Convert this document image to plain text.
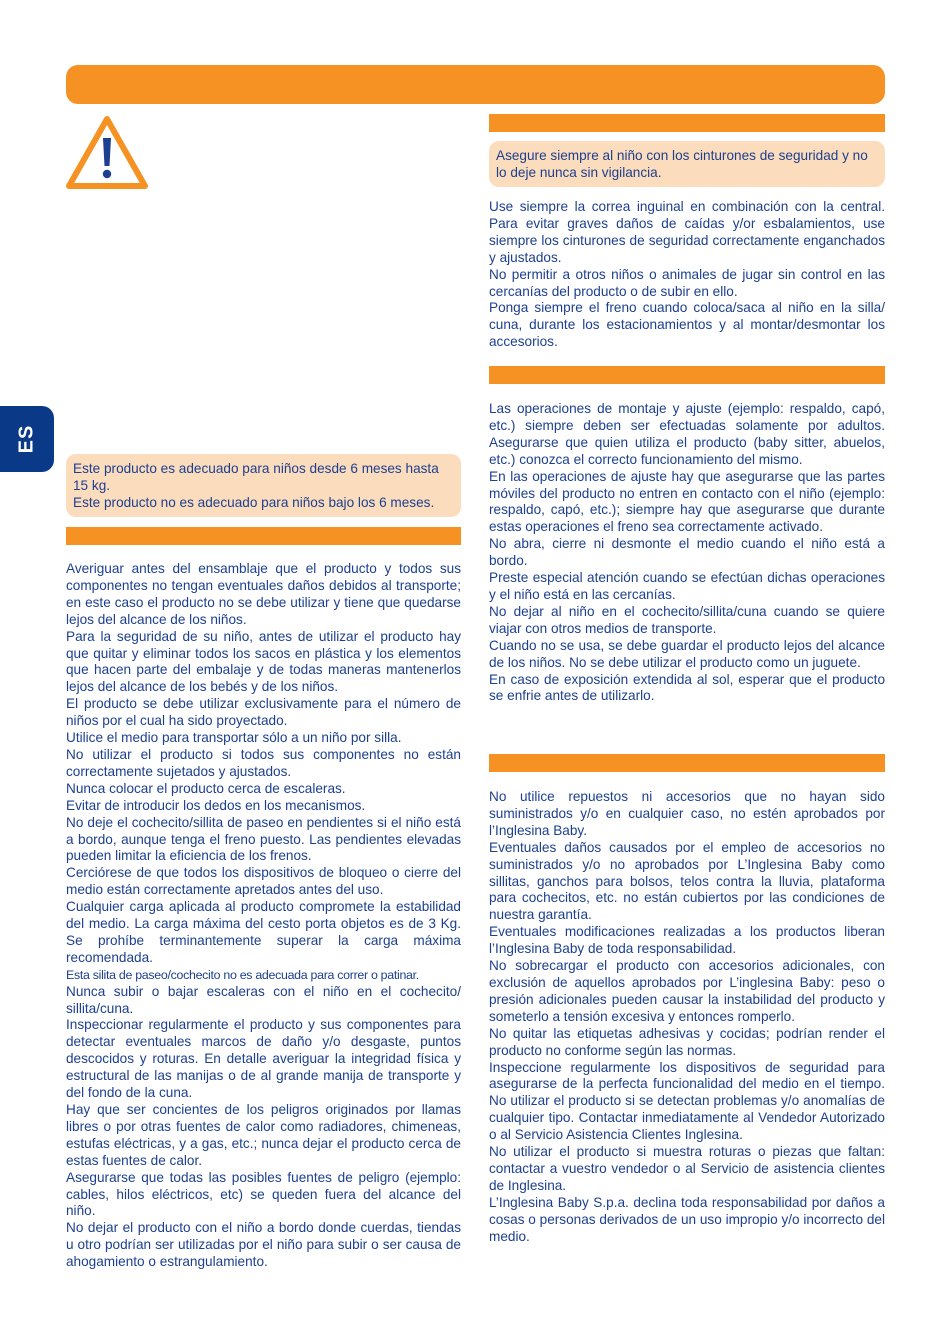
ES

Este producto es adecuado para niños desde 6 meses hasta 15 kg.

Este producto no es adecuado para niños bajo los 6 meses.

Averiguar antes del ensamblaje que el producto y todos sus componentes no tengan eventuales daños debidos al transporte; en este caso el producto no se debe utilizar y tiene que quedarse lejos del alcance de los niños.

Para la seguridad de su niño, antes de utilizar el producto hay que quitar y eliminar todos los sacos en plástica y los elementos que hacen parte del embalaje y de todas maneras mantenerlos lejos del alcance de los bebés y de los niños.

El producto se debe utilizar exclusivamente para el número de niños por el cual ha sido proyectado.

Utilice el medio para transportar sólo a un niño por silla.

No utilizar el producto si todos sus componentes no están correctamente sujetados y ajustados.

Nunca colocar el producto cerca de escaleras.

Evitar de introducir los dedos en los mecanismos.

No deje el cochecito/sillita de paseo en pendientes si el niño está a bordo, aunque tenga el freno puesto. Las pendientes elevadas pueden limitar la eficiencia de los frenos.

Cerciórese de que todos los dispositivos de bloqueo o cierre del medio están correctamente apretados antes del uso.

Cualquier carga aplicada al producto compromete la estabilidad del medio. La carga máxima del cesto porta objetos es de 3 Kg. Se prohíbe terminantemente superar la carga máxima recomendada.

Esta silita de paseo/cochecito no es adecuada para correr o patinar.

Nunca subir o bajar escaleras con el niño en el cochecito/ sillita/cuna.

Inspeccionar regularmente el producto y sus componentes para detectar eventuales marcos de daño y/o desgaste, puntos descocidos y roturas. En detalle averiguar la integridad física y estructural de las manijas o de al grande manija de transporte y del fondo de la cuna.

Hay que ser concientes de los peligros originados por llamas libres o por otras fuentes de calor como radiadores, chimeneas, estufas eléctricas, y a gas, etc.; nunca dejar el producto cerca de estas fuentes de calor.

Asegurarse que todas las posibles fuentes de peligro (ejemplo: cables, hilos eléctricos, etc) se queden fuera del alcance del niño.

No dejar el producto con el niño a bordo donde cuerdas, tiendas u otro podrían ser utilizadas por el niño para subir o ser causa de ahogamiento o estrangulamiento.

Asegure siempre al niño con los cinturones de seguridad y no lo deje nunca sin vigilancia.

Use siempre la correa inguinal en combinación con la central. Para evitar graves daños de caídas y/or esbalamientos, use siempre los cinturones de seguridad correctamente enganchados y ajustados.

No permitir a otros niños o animales de jugar sin control en las cercanías del producto o de subir en ello.

Ponga siempre el freno cuando coloca/saca al niño en la silla/ cuna, durante los estacionamientos y al montar/desmontar los accesorios.

Las operaciones de montaje y ajuste (ejemplo: respaldo, capó, etc.) siempre deben ser efectuadas solamente por adultos. Asegurarse que quien utiliza el producto (baby sitter, abuelos, etc.) conozca el correcto funcionamiento del mismo.

En las operaciones de ajuste hay que asegurarse que las partes móviles del producto no entren en contacto con el niño (ejemplo: respaldo, capó, etc.); siempre hay que asegurarse que durante estas operaciones el freno sea correctamente activado.

No abra, cierre ni desmonte el medio cuando el niño está a bordo.

Preste especial atención cuando se efectúan dichas operaciones y el niño está en las cercanías.

No dejar al niño en el cochecito/sillita/cuna cuando se quiere viajar con otros medios de transporte.

Cuando no se usa, se debe guardar el producto lejos del alcance de los niños. No se debe utilizar el producto como un juguete.

En caso de exposición extendida al sol, esperar que el producto se enfrie antes de utilizarlo.

No utilice repuestos ni accesorios que no hayan sido suministrados y/o en cualquier caso, no estén aprobados por l’Inglesina Baby.

Eventuales daños causados por el empleo de accesorios no suministrados y/o no aprobados por L’Inglesina Baby como sillitas, ganchos para bolsos, telos contra la lluvia, plataforma para cochecitos, etc. no están cubiertos por las condiciones de nuestra garantía.

Eventuales modificaciones realizadas a los productos liberan l’Inglesina Baby de toda responsabilidad.

No sobrecargar el producto con accesorios adicionales, con exclusión de aquellos aprobados por L’inglesina Baby: peso o presión adicionales pueden causar la instabilidad del producto y someterlo a tensión excesiva y entonces romperlo.

No quitar las etiquetas adhesivas y cocidas; podrían render el producto no conforme según las normas.

Inspeccione regularmente los dispositivos de seguridad para asegurarse de la perfecta funcionalidad del medio en el tiempo. No utilizar el producto si se detectan problemas y/o anomalías de cualquier tipo. Contactar inmediatamente al Vendedor Autorizado o al Servicio Asistencia Clientes Inglesina.

No utilizar el producto si muestra roturas o piezas que faltan: contactar a vuestro vendedor o al Servicio de asistencia clientes de Inglesina.

L’Inglesina Baby S.p.a. declina toda responsabilidad por daños a cosas o personas derivados de un uso impropio y/o incorrecto del medio.
